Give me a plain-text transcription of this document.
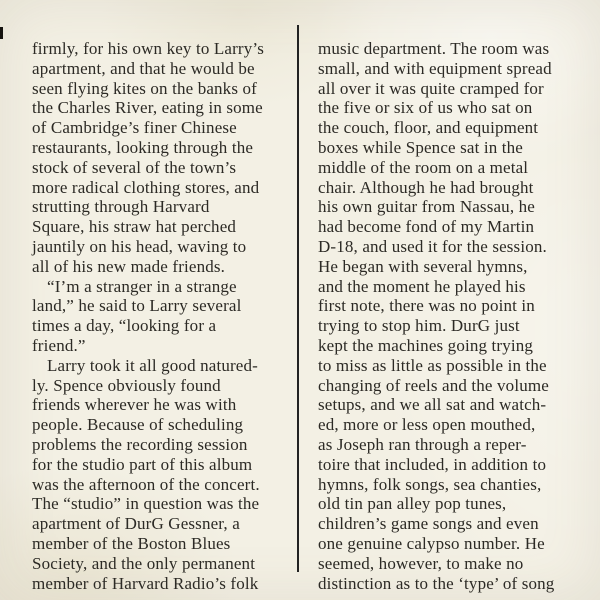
firmly, for his own key to Larry’s
apartment, and that he would be
seen flying kites on the banks of
the Charles River, eating in some
of Cambridge’s finer Chinese
restaurants, looking through the
stock of several of the town’s
more radical clothing stores, and
strutting through Harvard
Square, his straw hat perched
jauntily on his head, waving to
all of his new made friends.
“I’m a stranger in a strange
land,” he said to Larry several
times a day, “looking for a
friend.”
Larry took it all good natured-
ly. Spence obviously found
friends wherever he was with
people. Because of scheduling
problems the recording session
for the studio part of this album
was the afternoon of the concert.
The “studio” in question was the
apartment of DurG Gessner, a
member of the Boston Blues
Society, and the only permanent
member of Harvard Radio’s folk
music department. The room was
small, and with equipment spread
all over it was quite cramped for
the five or six of us who sat on
the couch, floor, and equipment
boxes while Spence sat in the
middle of the room on a metal
chair. Although he had brought
his own guitar from Nassau, he
had become fond of my Martin
D-18, and used it for the session.
He began with several hymns,
and the moment he played his
first note, there was no point in
trying to stop him. DurG just
kept the machines going trying
to miss as little as possible in the
changing of reels and the volume
setups, and we all sat and watch-
ed, more or less open mouthed,
as Joseph ran through a reper-
toire that included, in addition to
hymns, folk songs, sea chanties,
old tin pan alley pop tunes,
children’s game songs and even
one genuine calypso number. He
seemed, however, to make no
distinction as to the ‘type’ of song
